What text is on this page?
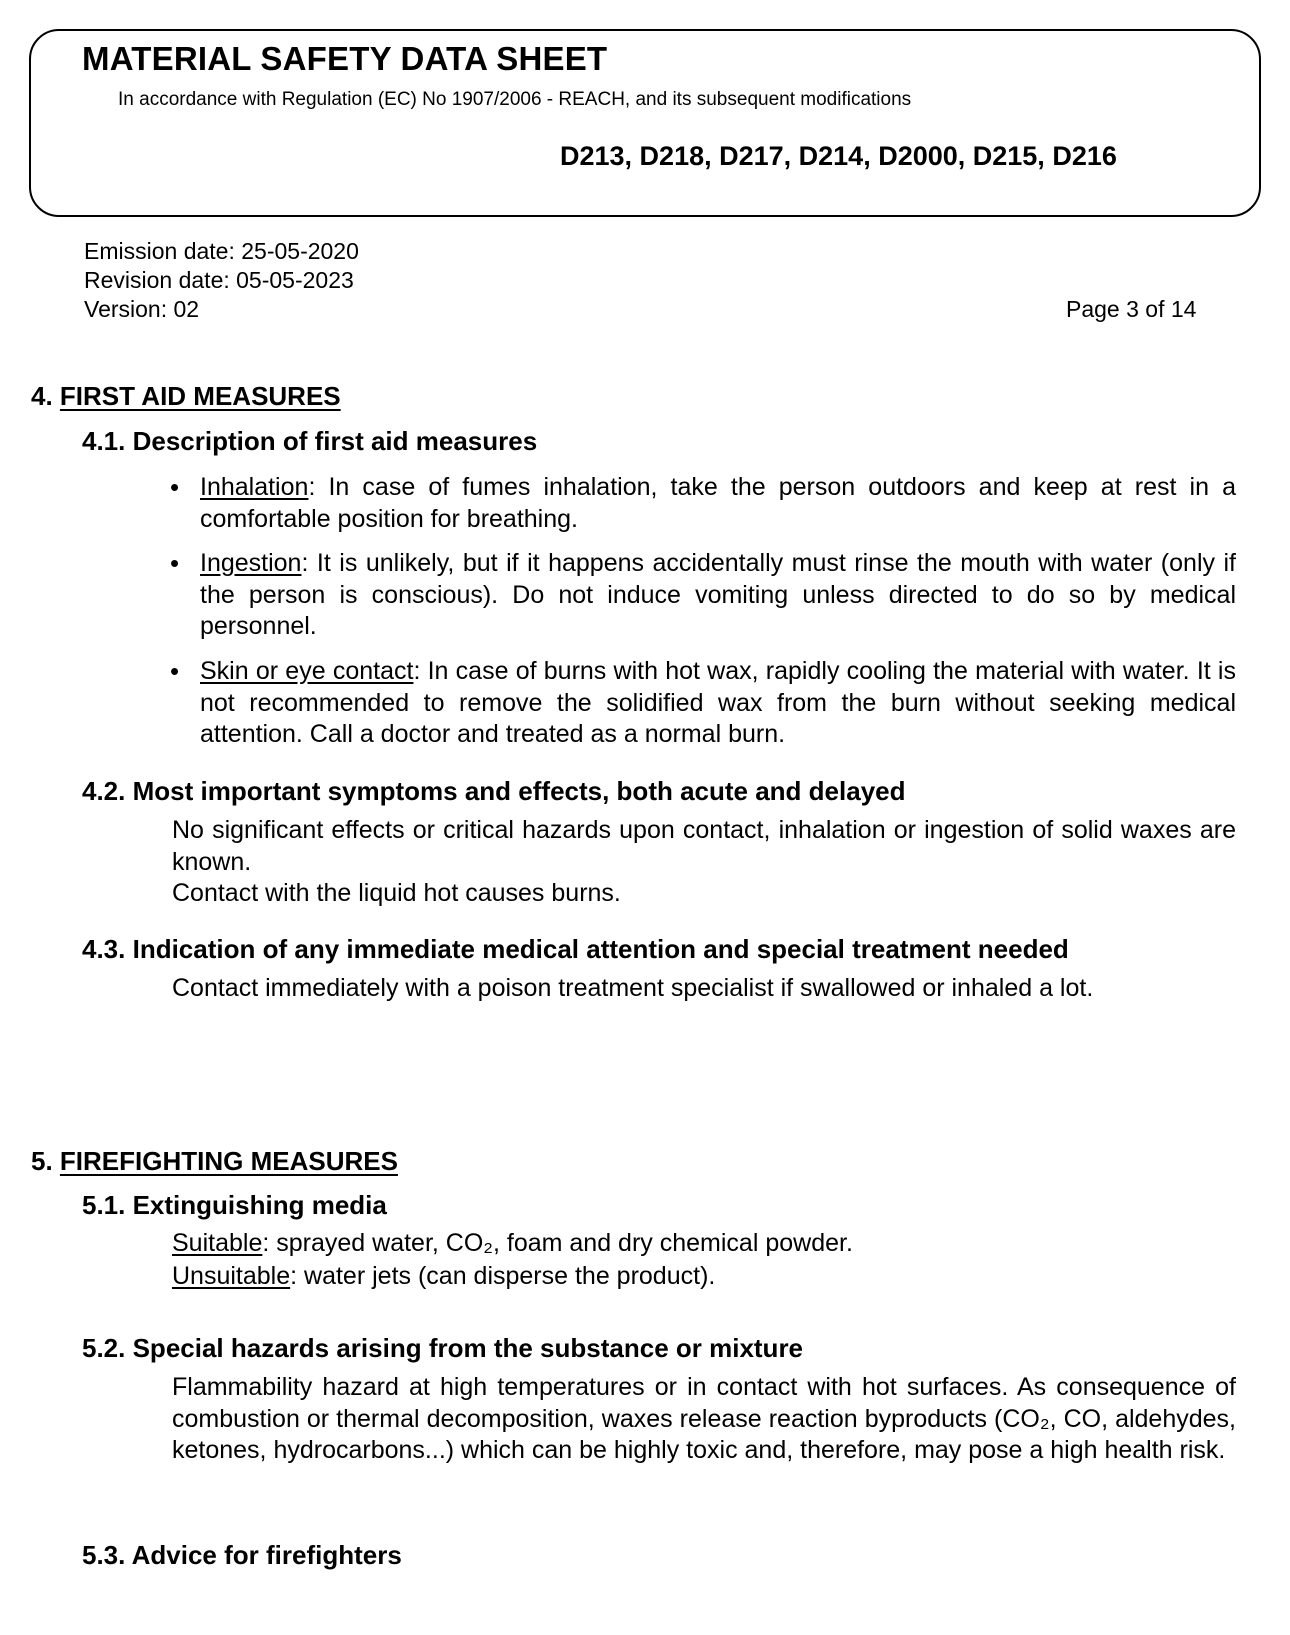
MATERIAL SAFETY DATA SHEET
In accordance with Regulation (EC) No 1907/2006 - REACH, and its subsequent modifications
D213, D218, D217, D214, D2000, D215, D216
Emission date: 25-05-2020
Revision date: 05-05-2023
Version: 02	Page 3 of 14
4. FIRST AID MEASURES
4.1. Description of first aid measures
• Inhalation: In case of fumes inhalation, take the person outdoors and keep at rest in a comfortable position for breathing.
• Ingestion: It is unlikely, but if it happens accidentally must rinse the mouth with water (only if the person is conscious). Do not induce vomiting unless directed to do so by medical personnel.
• Skin or eye contact: In case of burns with hot wax, rapidly cooling the material with water. It is not recommended to remove the solidified wax from the burn without seeking medical attention. Call a doctor and treated as a normal burn.
4.2. Most important symptoms and effects, both acute and delayed
No significant effects or critical hazards upon contact, inhalation or ingestion of solid waxes are known.
Contact with the liquid hot causes burns.
4.3. Indication of any immediate medical attention and special treatment needed
Contact immediately with a poison treatment specialist if swallowed or inhaled a lot.
5. FIREFIGHTING MEASURES
5.1. Extinguishing media
Suitable: sprayed water, CO₂, foam and dry chemical powder.
Unsuitable: water jets (can disperse the product).
5.2. Special hazards arising from the substance or mixture
Flammability hazard at high temperatures or in contact with hot surfaces. As consequence of combustion or thermal decomposition, waxes release reaction byproducts (CO₂, CO, aldehydes, ketones, hydrocarbons...) which can be highly toxic and, therefore, may pose a high health risk.
5.3. Advice for firefighters
